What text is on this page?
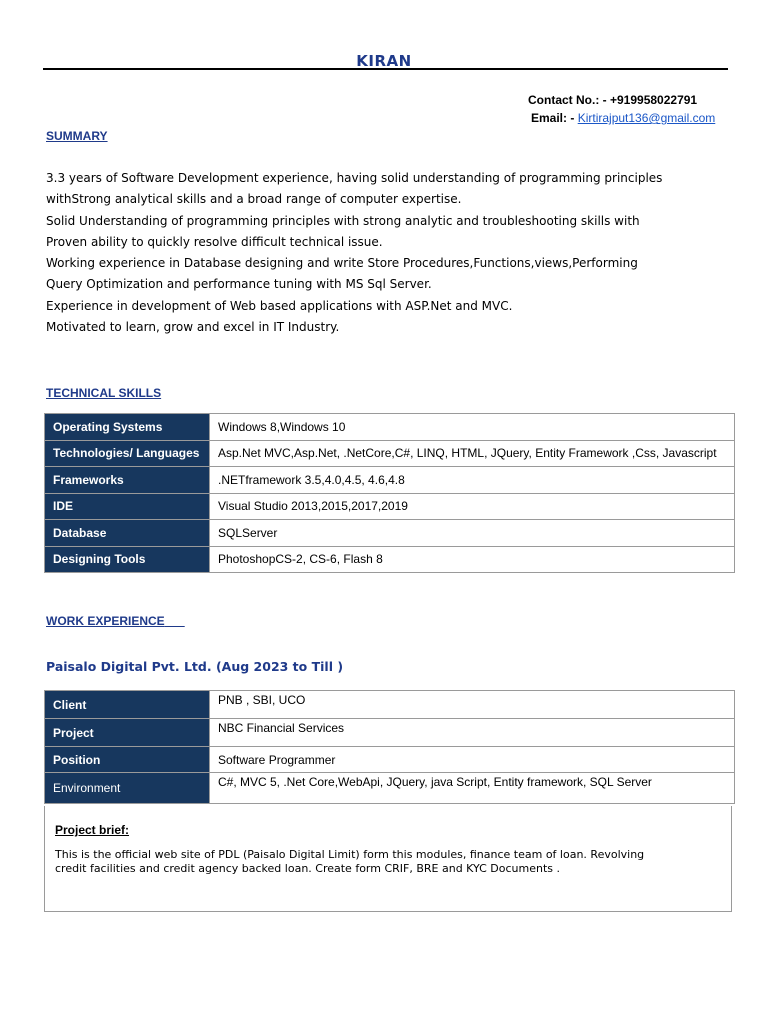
KIRAN
Contact No.: - +919958022791
Email: - Kirtirajput136@gmail.com
SUMMARY
3.3 years of Software Development experience, having solid understanding of programming principles
withStrong analytical skills and a broad range of computer expertise.
Solid Understanding of programming principles with strong analytic and troubleshooting skills with
Proven ability to quickly resolve difficult technical issue.
Working experience in Database designing and write Store Procedures,Functions,views,Performing
Query Optimization and performance tuning with MS Sql Server.
Experience in development of Web based applications with ASP.Net and MVC.
Motivated to learn, grow and excel in IT Industry.
TECHNICAL SKILLS
Operating Systems	Windows 8,Windows 10
Technologies/ Languages	Asp.Net MVC,Asp.Net, .NetCore,C#, LINQ, HTML, JQuery, Entity Framework ,Css, Javascript
Frameworks	.NETframework 3.5,4.0,4.5, 4.6,4.8
IDE	Visual Studio 2013,2015,2017,2019
Database	SQLServer
Designing Tools	PhotoshopCS-2, CS-6, Flash 8
WORK EXPERIENCE
Paisalo Digital Pvt. Ltd. (Aug 2023 to Till )
Client	PNB , SBI, UCO
Project	NBC Financial Services
Position	Software Programmer
Environment	C#, MVC 5, .Net Core,WebApi, JQuery, java Script, Entity framework, SQL Server
Project brief:
This is the official web site of PDL (Paisalo Digital Limit) form this modules, finance team of loan. Revolving
credit facilities and credit agency backed loan. Create form CRIF, BRE and KYC Documents .
